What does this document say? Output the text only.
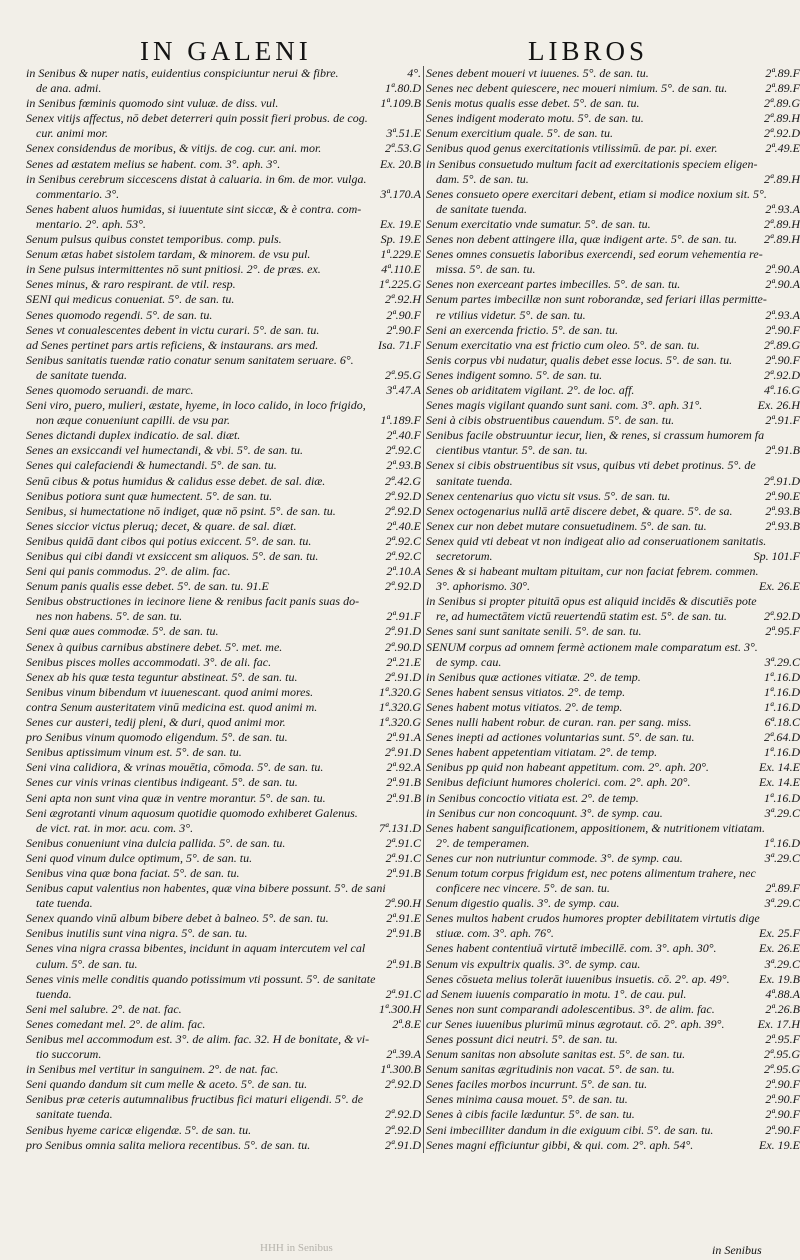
IN GALENI	LIBROS
in Senibus & nuper natis, euidentius conspiciuntur nerui & fibre.	4°.
de ana. admi.	1ª.80.D
in Senibus fœminis quomodo sint vuluæ. de diss. vul.	1ª.109.B
Senex vitijs affectus, nō debet deterreri quin possit fieri probus. de cog.
cur. animi mor.	3ª.51.E
Senex considendus de moribus, & vitijs. de cog. cur. ani. mor.	2ª.53.G
Senes ad æstatem melius se habent. com. 3°. aph. 3°.	Ex. 20.B
in Senibus cerebrum siccescens distat à caluaria. in 6m. de mor. vulga.
commentario. 3°.	3ª.170.A
Senes habent aluos humidas, si iuuentute sint siccæ, & è contra. com-
mentario. 2°. aph. 53°.	Ex. 19.E
Senum pulsus quibus constet temporibus. comp. puls.	Sp. 19.E
Senum ætas habet sistolem tardam, & minorem. de vsu pul.	1ª.229.E
in Sene pulsus intermittentes nō sunt pnitiosi. 2°. de præs. ex.	4ª.110.E
Senes minus, & raro respirant. de vtil. resp.	1ª.225.G
SENI qui medicus conueniat. 5°. de san. tu.	2ª.92.H
Senes quomodo regendi. 5°. de san. tu.	2ª.90.F
Senes vt conualescentes debent in victu curari. 5°. de san. tu.	2ª.90.F
ad Senes pertinet pars artis reficiens, & instaurans. ars med.	Isa. 71.F
Senibus sanitatis tuendæ ratio conatur senum sanitatem seruare. 6°.
de sanitate tuenda.	2ª.95.G
Senes quomodo seruandi. de marc.	3ª.47.A
Seni viro, puero, mulieri, æstate, hyeme, in loco calido, in loco frigido,
non æque conueniunt capilli. de vsu par.	1ª.189.F
Senes dictandi duplex indicatio. de sal. diæt.	2ª.40.F
Senes an exsiccandi vel humectandi, & vbi. 5°. de san. tu.	2ª.92.C
Senes qui calefaciendi & humectandi. 5°. de san. tu.	2ª.93.B
Senū cibus & potus humidus & calidus esse debet. de sal. diæ.	2ª.42.G
Senibus potiora sunt quæ humectent. 5°. de san. tu.	2ª.92.D
Senibus, si humectatione nō indiget, quæ nō psint. 5°. de san. tu.	2ª.92.D
Senes siccior victus pleruq; decet, & quare. de sal. diæt.	2ª.40.E
Senibus quidā dant cibos qui potius exiccent. 5°. de san. tu.	2ª.92.C
Senibus qui cibi dandi vt exsiccent sm aliquos. 5°. de san. tu.	2ª.92.C
Seni qui panis commodus. 2°. de alim. fac.	2ª.10.A
Senum panis qualis esse debet. 5°. de san. tu. 91.E	2ª.92.D
Senibus obstructiones in iecinore liene & renibus facit panis suas do-
nes non habens. 5°. de san. tu.	2ª.91.F
Seni quæ aues commodæ. 5°. de san. tu.	2ª.91.D
Senex à quibus carnibus abstinere debet. 5°. met. me.	2ª.90.D
Senibus pisces molles accommodati. 3°. de ali. fac.	2ª.21.E
Senex ab his quæ testa teguntur abstineat. 5°. de san. tu.	2ª.91.D
Senibus vinum bibendum vt iuuenescant. quod animi mores.	1ª.320.G
contra Senum austeritatem vinū medicina est. quod animi m.	1ª.320.G
Senes cur austeri, tedij pleni, & duri, quod animi mor.	1ª.320.G
pro Senibus vinum quomodo eligendum. 5°. de san. tu.	2ª.91.A
Senibus aptissimum vinum est. 5°. de san. tu.	2ª.91.D
Seni vina calidiora, & vrinas mouētia, cōmoda. 5°. de san. tu.	2ª.92.A
Senes cur vinis vrinas cientibus indigeant. 5°. de san. tu.	2ª.91.B
Seni apta non sunt vina quæ in ventre morantur. 5°. de san. tu.	2ª.91.B
Seni ægrotanti vinum aquosum quotidie quomodo exhiberet Galenus.
de vict. rat. in mor. acu. com. 3°.	7ª.131.D
Senibus conueniunt vina dulcia pallida. 5°. de san. tu.	2ª.91.C
Seni quod vinum dulce optimum, 5°. de san. tu.	2ª.91.C
Senibus vina quæ bona faciat. 5°. de san. tu.	2ª.91.B
Senibus caput valentius non habentes, quæ vina bibere possunt. 5°. de sani
tate tuenda.	2ª.90.H
Senex quando vinū album bibere debet à balneo. 5°. de san. tu.	2ª.91.E
Senibus inutilis sunt vina nigra. 5°. de san. tu.	2ª.91.B
Senes vina nigra crassa bibentes, incidunt in aquam intercutem vel cal
culum. 5°. de san. tu.	2ª.91.B
Senes vinis melle conditis quando potissimum vti possunt. 5°. de sanitate
tuenda.	2ª.91.C
Seni mel salubre. 2°. de nat. fac.	1ª.300.H
Senes comedant mel. 2°. de alim. fac.	2ª.8.E
Senibus mel accommodum est. 3°. de alim. fac. 32. H de bonitate, & vi-
tio succorum.	2ª.39.A
in Senibus mel vertitur in sanguinem. 2°. de nat. fac.	1ª.300.B
Seni quando dandum sit cum melle & aceto. 5°. de san. tu.	2ª.92.D
Senibus præ ceteris autumnalibus fructibus fici maturi eligendi. 5°. de
sanitate tuenda.	2ª.92.D
Senibus hyeme caricæ eligendæ. 5°. de san. tu.	2ª.92.D
pro Senibus omnia salita meliora recentibus. 5°. de san. tu.	2ª.91.D
Senes debent moueri vt iuuenes. 5°. de san. tu.	2ª.89.F
Senes nec debent quiescere, nec moueri nimium. 5°. de san. tu.	2ª.89.F
Senis motus qualis esse debet. 5°. de san. tu.	2ª.89.G
Senes indigent moderato motu. 5°. de san. tu.	2ª.89.H
Senum exercitium quale. 5°. de san. tu.	2ª.92.D
Senibus quod genus exercitationis vtilissimū. de par. pi. exer.	2ª.49.E
in Senibus consuetudo multum facit ad exercitationis speciem eligen-
dam. 5°. de san. tu.	2ª.89.H
Senes consueto opere exercitari debent, etiam si modice noxium sit. 5°.
de sanitate tuenda.	2ª.93.A
Senum exercitatio vnde sumatur. 5°. de san. tu.	2ª.89.H
Senes non debent attingere illa, quæ indigent arte. 5°. de san. tu. 2ª.89.H
Senes omnes consuetis laboribus exercendi, sed eorum vehementia re-
missa. 5°. de san. tu.	2ª.90.A
Senes non exerceant partes imbecilles. 5°. de san. tu.	2ª.90.A
Senum partes imbecillæ non sunt roborandæ, sed feriari illas permitte-
re vtilius videtur. 5°. de san. tu.	2ª.93.A
Seni an exercenda frictio. 5°. de san. tu.	2ª.90.F
Senum exercitatio vna est frictio cum oleo. 5°. de san. tu.	2ª.89.G
Senis corpus vbi nudatur, qualis debet esse locus. 5°. de san. tu.	2ª.90.F
Senes indigent somno. 5°. de san. tu.	2ª.92.D
Senes ob ariditatem vigilant. 2°. de loc. aff.	4ª.16.G
Senes magis vigilant quando sunt sani. com. 3°. aph. 31°.	Ex. 26.H
Seni à cibis obstruentibus cauendum. 5°. de san. tu.	2ª.91.F
Senibus facile obstruuntur iecur, lien, & renes, si crassum humorem fa
cientibus vtantur. 5°. de san. tu.	2ª.91.B
Senex si cibis obstruentibus sit vsus, quibus vti debet protinus. 5°. de
sanitate tuenda.	2ª.91.D
Senex centenarius quo victu sit vsus. 5°. de san. tu.	2ª.90.E
Senex octogenarius nullā artē discere debet, & quare. 5°. de sa.	2ª.93.B
Senex cur non debet mutare consuetudinem. 5°. de san. tu.	2ª.93.B
Senex quid vti debeat vt non indigeat alio ad conseruationem sanitatis.
secretorum.	Sp. 101.F
Senes & si habeant multam pituitam, cur non faciat febrem. commen.
3°. aphorismo. 30°.	Ex. 26.E
in Senibus si propter pituitā opus est aliquid incidēs & discutiēs pote
re, ad humectātem victū reuertendū statim est. 5°. de san. tu.	2ª.92.D
Senes sani sunt sanitate senili. 5°. de san. tu.	2ª.95.F
SENUM corpus ad omnem fermè actionem male comparatum est. 3°.
de symp. cau.	3ª.29.C
in Senibus quæ actiones vitiatæ. 2°. de temp.	1ª.16.D
Senes habent sensus vitiatos. 2°. de temp.	1ª.16.D
Senes habent motus vitiatos. 2°. de temp.	1ª.16.D
Senes nulli habent robur. de curan. ran. per sang. miss.	6ª.18.C
Senes inepti ad actiones voluntarias sunt. 5°. de san. tu.	2ª.64.D
Senes habent appetentiam vitiatam. 2°. de temp.	1ª.16.D
Senibus pp quid non habeant appetitum. com. 2°. aph. 20°.	Ex. 14.E
Senibus deficiunt humores cholerici. com. 2°. aph. 20°.	Ex. 14.E
in Senibus concoctio vitiata est. 2°. de temp.	1ª.16.D
in Senibus cur non concoquunt. 3°. de symp. cau.	3ª.29.C
Senes habent sanguificationem, appositionem, & nutritionem vitiatam.
2°. de temperamen.	1ª.16.D
Senes cur non nutriuntur commode. 3°. de symp. cau.	3ª.29.C
Senum totum corpus frigidum est, nec potens alimentum trahere, nec
conficere nec vincere. 5°. de san. tu.	2ª.89.F
Senum digestio qualis. 3°. de symp. cau.	3ª.29.C
Senes multos habent crudos humores propter debilitatem virtutis dige
stiuæ. com. 3°. aph. 76°.	Ex. 25.F
Senes habent contentiuā virtutē imbecillē. com. 3°. aph. 30°.	Ex. 26.E
Senum vis expultrix qualis. 3°. de symp. cau.	3ª.29.C
Senes cōsueta melius tolerāt iuuenibus insuetis. cō. 2°. ap. 49°. Ex. 19.B
ad Senem iuuenis comparatio in motu. 1°. de cau. pul.	4ª.88.A
Senes non sunt comparandi adolescentibus. 3°. de alim. fac.	2ª.26.B
cur Senes iuuenibus plurimū minus ægrotaut. cō. 2°. aph. 39°.	Ex. 17.H
Senes possunt dici neutri. 5°. de san. tu.	2ª.95.F
Senum sanitas non absolute sanitas est. 5°. de san. tu.	2ª.95.G
Senum sanitas ægritudinis non vacat. 5°. de san. tu.	2ª.95.G
Senes faciles morbos incurrunt. 5°. de san. tu.	2ª.90.F
Senes minima causa mouet. 5°. de san. tu.	2ª.90.F
Senes à cibis facile læduntur. 5°. de san. tu.	2ª.90.F
Seni imbecilliter dandum in die exiguum cibi. 5°. de san. tu.	2ª.90.F
Senes magni efficiuntur gibbi, & qui. com. 2°. aph. 54°.	Ex. 19.E
HHH in Senibus	in Senibus
